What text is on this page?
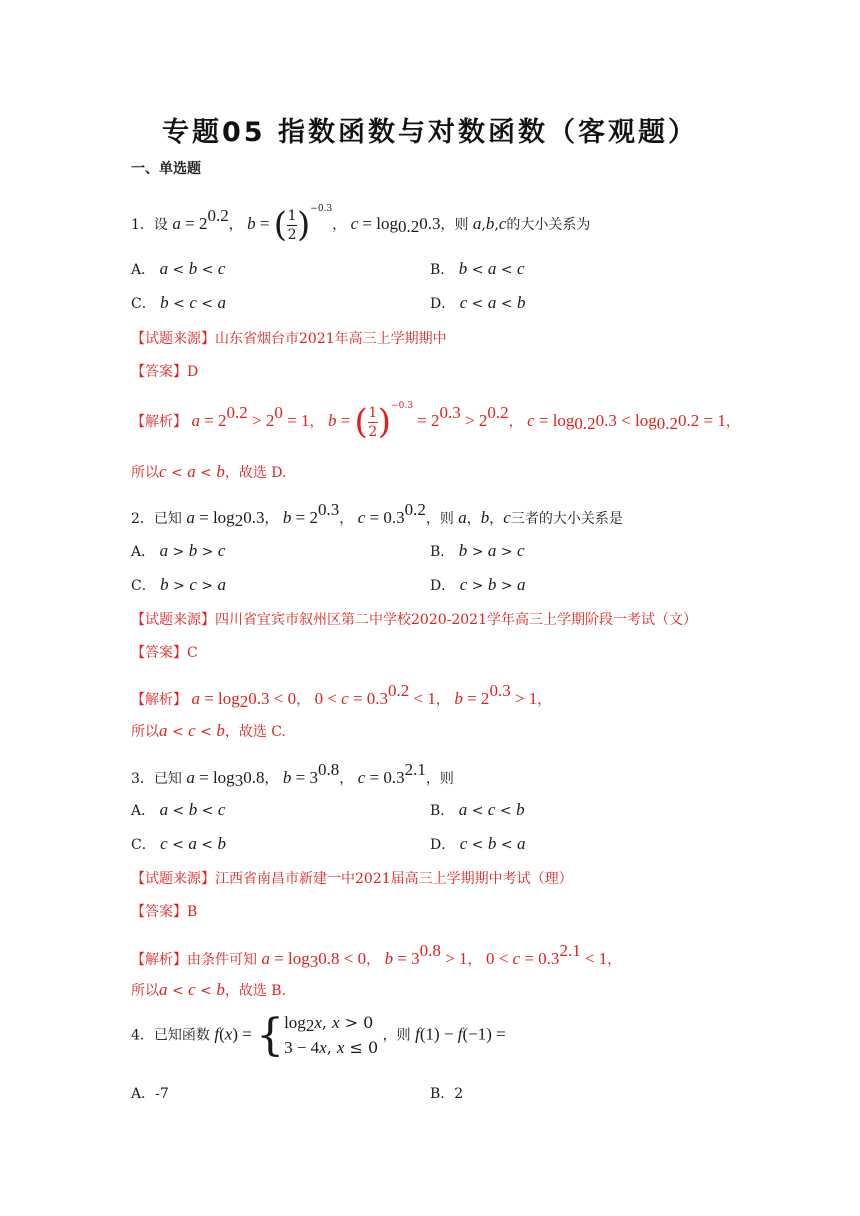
专题05 指数函数与对数函数（客观题）
一、单选题
1．设 $a = 2^{0.2}$， b = ( $\frac{1}{2} )^{-0.3}$， $c = \log_{0.2}0.3$，则 a,b,c的大小关系为
A． a < b < c	B． b < a < c
C． b < c < a	D． c < a < b
【试题来源】山东省烟台市2021年高三上学期期中
【答案】D
【解析】 $a = 2^{0.2} > 2^0 = 1$， b = ( $\frac{1}{2} )^{-0.3} = 2^{0.3} > 2^{0.2}$， $c = \log_{0.2}0.3 < \log_{0.2}0.2 = 1$，
所以c < a < b，故选 D.
2．已知 $a = \log_20.3$， $b = 2^{0.3}$， $c = 0.3^{0.2}$，则 a，b，c三者的大小关系是
A． a > b > c	B． b > a > c
C． b > c > a	D． c > b > a
【试题来源】四川省宜宾市叙州区第二中学校2020-2021学年高三上学期阶段一考试（文）
【答案】C
【解析】 $a = \log_20.3 < 0$， $0 < c = 0.3^{0.2} < 1$， $b = 2^{0.3} > 1$，
所以a < c < b，故选 C.
3．已知 $a = \log_30.8$， $b = 3^{0.8}$， $c = 0.3^{2.1}$，则
A． a < b < c	B． a < c < b
C． c < a < b	D． c < b < a
【试题来源】江西省南昌市新建一中2021届高三上学期期中考试（理）
【答案】B
【解析】由条件可知 $a = \log_30.8 < 0$， $b = 3^{0.8} > 1$， $0 < c = 0.3^{2.1} < 1$，
所以a < c < b，故选 B.
4．已知函数 f(x) = { $\log_2x$, x > 0
3 − 4x, x ≤ 0
，则 f(1) − f(−1) =
A．-7	B．2
